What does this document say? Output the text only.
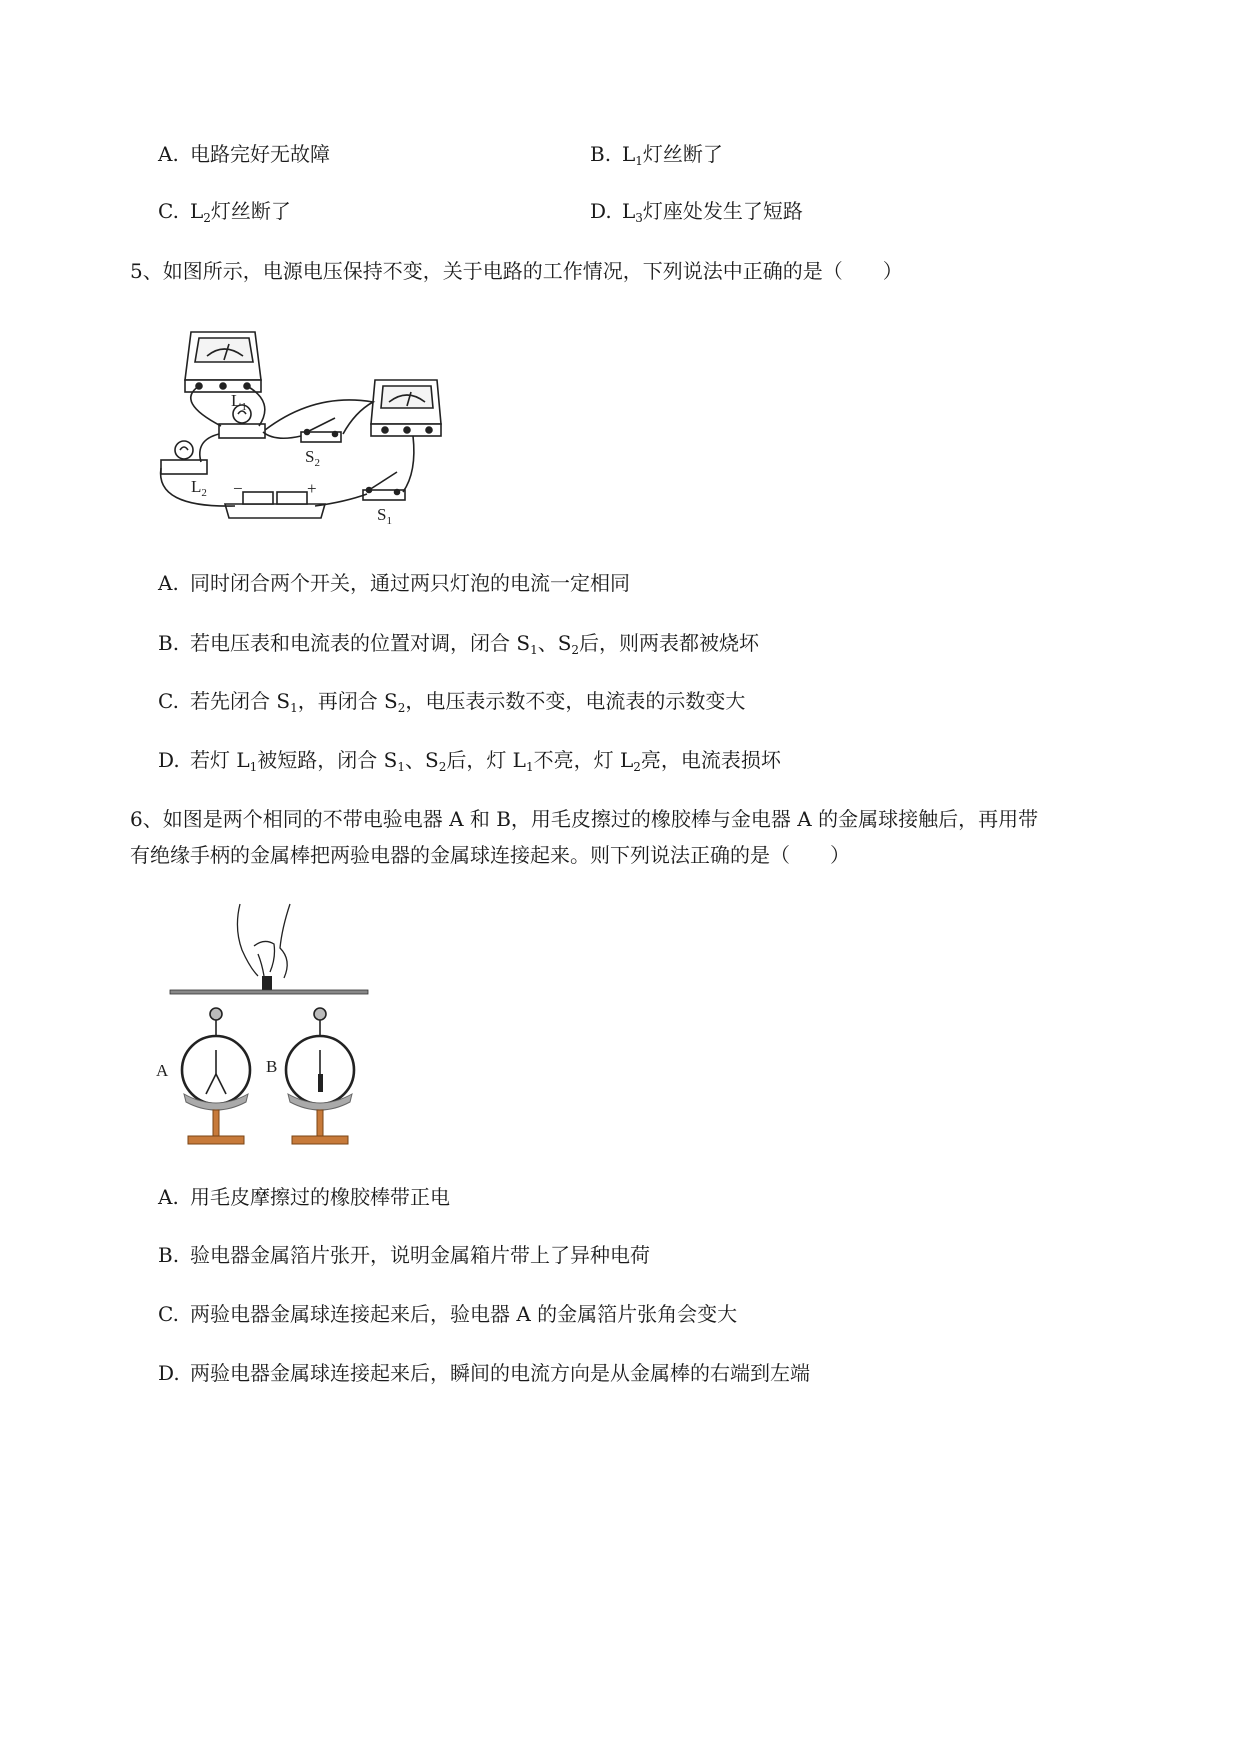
A. 电路完好无故障	B. $L_1$灯丝断了
C. $L_2$灯丝断了	D. $L_3$灯座处发生了短路
5、如图所示，电源电压保持不变，关于电路的工作情况，下列说法中正确的是（　　）
$L_1$
$L_2$
$S_2$
$S_1$
−	+
A. 同时闭合两个开关，通过两只灯泡的电流一定相同
B. 若电压表和电流表的位置对调，闭合 $S_1$、$S_2$后，则两表都被烧坏
C. 若先闭合 $S_1$，再闭合 $S_2$，电压表示数不变，电流表的示数变大
D. 若灯 $L_1$被短路，闭合 $S_1$、$S_2$后，灯 $L_1$不亮，灯 $L_2$亮，电流表损坏
6、如图是两个相同的不带电验电器 A 和 B，用毛皮擦过的橡胶棒与金电器 A 的金属球接触后，再用带
有绝缘手柄的金属棒把两验电器的金属球连接起来。则下列说法正确的是（　　）
A	B
A. 用毛皮摩擦过的橡胶棒带正电
B. 验电器金属箔片张开，说明金属箱片带上了异种电荷
C. 两验电器金属球连接起来后，验电器 A 的金属箔片张角会变大
D. 两验电器金属球连接起来后，瞬间的电流方向是从金属棒的右端到左端
